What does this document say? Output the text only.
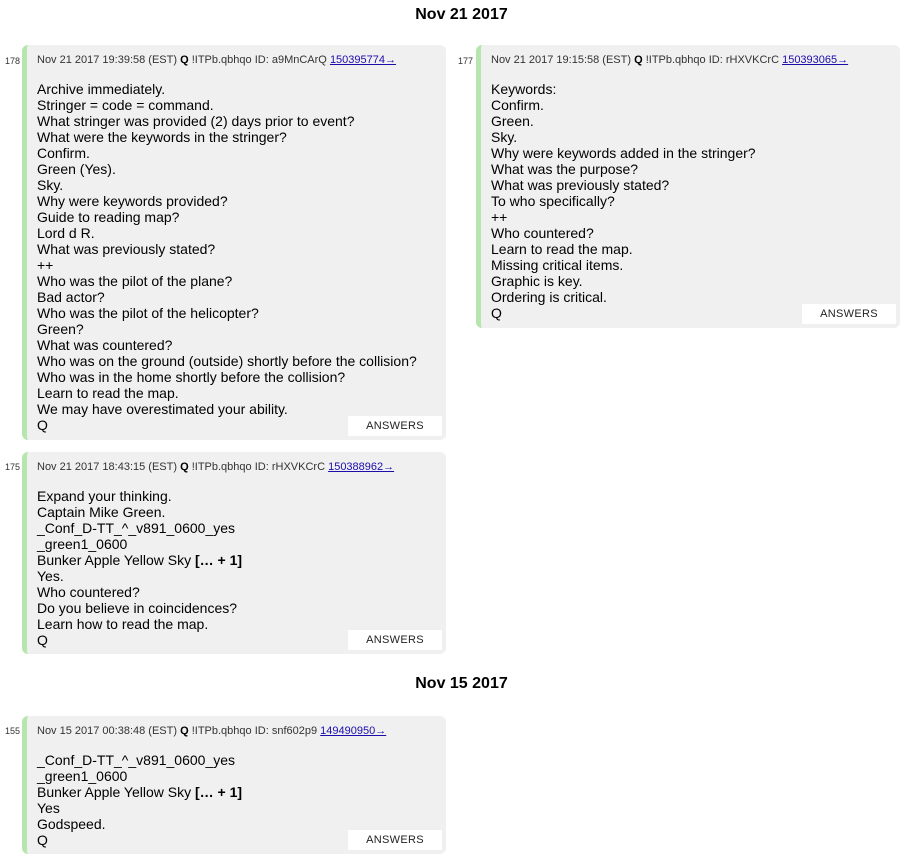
Nov 21 2017
Nov 15 2017
178 Nov 21 2017 19:39:58 (EST) Q !ITPb.qbhqo ID: a9MnCArQ 150395774→
Archive immediately.
Stringer = code = command.
What stringer was provided (2) days prior to event?
What were the keywords in the stringer?
Confirm.
Green (Yes).
Sky.
Why were keywords provided?
Guide to reading map?
Lord d R.
What was previously stated?
++
Who was the pilot of the plane?
Bad actor?
Who was the pilot of the helicopter?
Green?
What was countered?
Who was on the ground (outside) shortly before the collision?
Who was in the home shortly before the collision?
Learn to read the map.
We may have overestimated your ability.
Q	ANSWERS
177 Nov 21 2017 19:15:58 (EST) Q !ITPb.qbhqo ID: rHXVKCrC 150393065→
Keywords:
Confirm.
Green.
Sky.
Why were keywords added in the stringer?
What was the purpose?
What was previously stated?
To who specifically?
++
Who countered?
Learn to read the map.
Missing critical items.
Graphic is key.
Ordering is critical.
Q	ANSWERS
175 Nov 21 2017 18:43:15 (EST) Q !ITPb.qbhqo ID: rHXVKCrC 150388962→
Expand your thinking.
Captain Mike Green.
_Conf_D-TT_^_v891_0600_yes
_green1_0600
Bunker Apple Yellow Sky [… + 1]
Yes.
Who countered?
Do you believe in coincidences?
Learn how to read the map.
Q	ANSWERS
155 Nov 15 2017 00:38:48 (EST) Q !ITPb.qbhqo ID: snf602p9 149490950→
_Conf_D-TT_^_v891_0600_yes
_green1_0600
Bunker Apple Yellow Sky [… + 1]
Yes
Godspeed.
Q	ANSWERS
